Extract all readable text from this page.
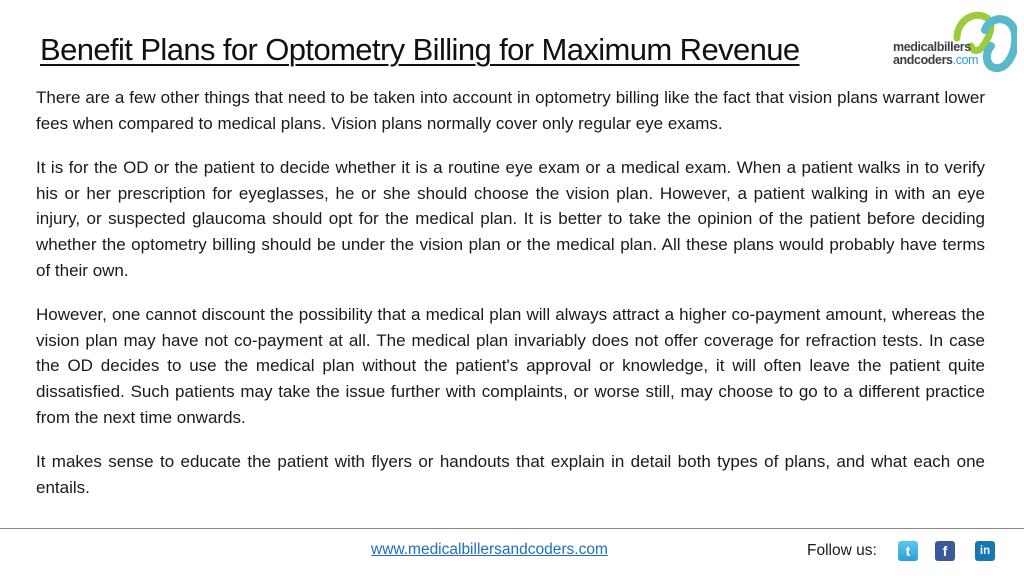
Benefit Plans for Optometry Billing for Maximum Revenue	medicalbillers
andcoders.com

There are a few other things that need to be taken into account in optometry billing like the fact that vision plans warrant lower fees when compared to medical plans. Vision plans normally cover only regular eye exams.

It is for the OD or the patient to decide whether it is a routine eye exam or a medical exam. When a patient walks in to verify his or her prescription for eyeglasses, he or she should choose the vision plan. However, a patient walking in with an eye injury, or suspected glaucoma should opt for the medical plan. It is better to take the opinion of the patient before deciding whether the optometry billing should be under the vision plan or the medical plan. All these plans would probably have terms of their own.

However, one cannot discount the possibility that a medical plan will always attract a higher co-payment amount, whereas the vision plan may have not co-payment at all. The medical plan invariably does not offer coverage for refraction tests. In case the OD decides to use the medical plan without the patient's approval or knowledge, it will often leave the patient quite dissatisfied. Such patients may take the issue further with complaints, or worse still, may choose to go to a different practice from the next time onwards.

It makes sense to educate the patient with flyers or handouts that explain in detail both types of plans, and what each one entails.

www.medicalbillersandcoders.com	Follow us:	t	f	in
